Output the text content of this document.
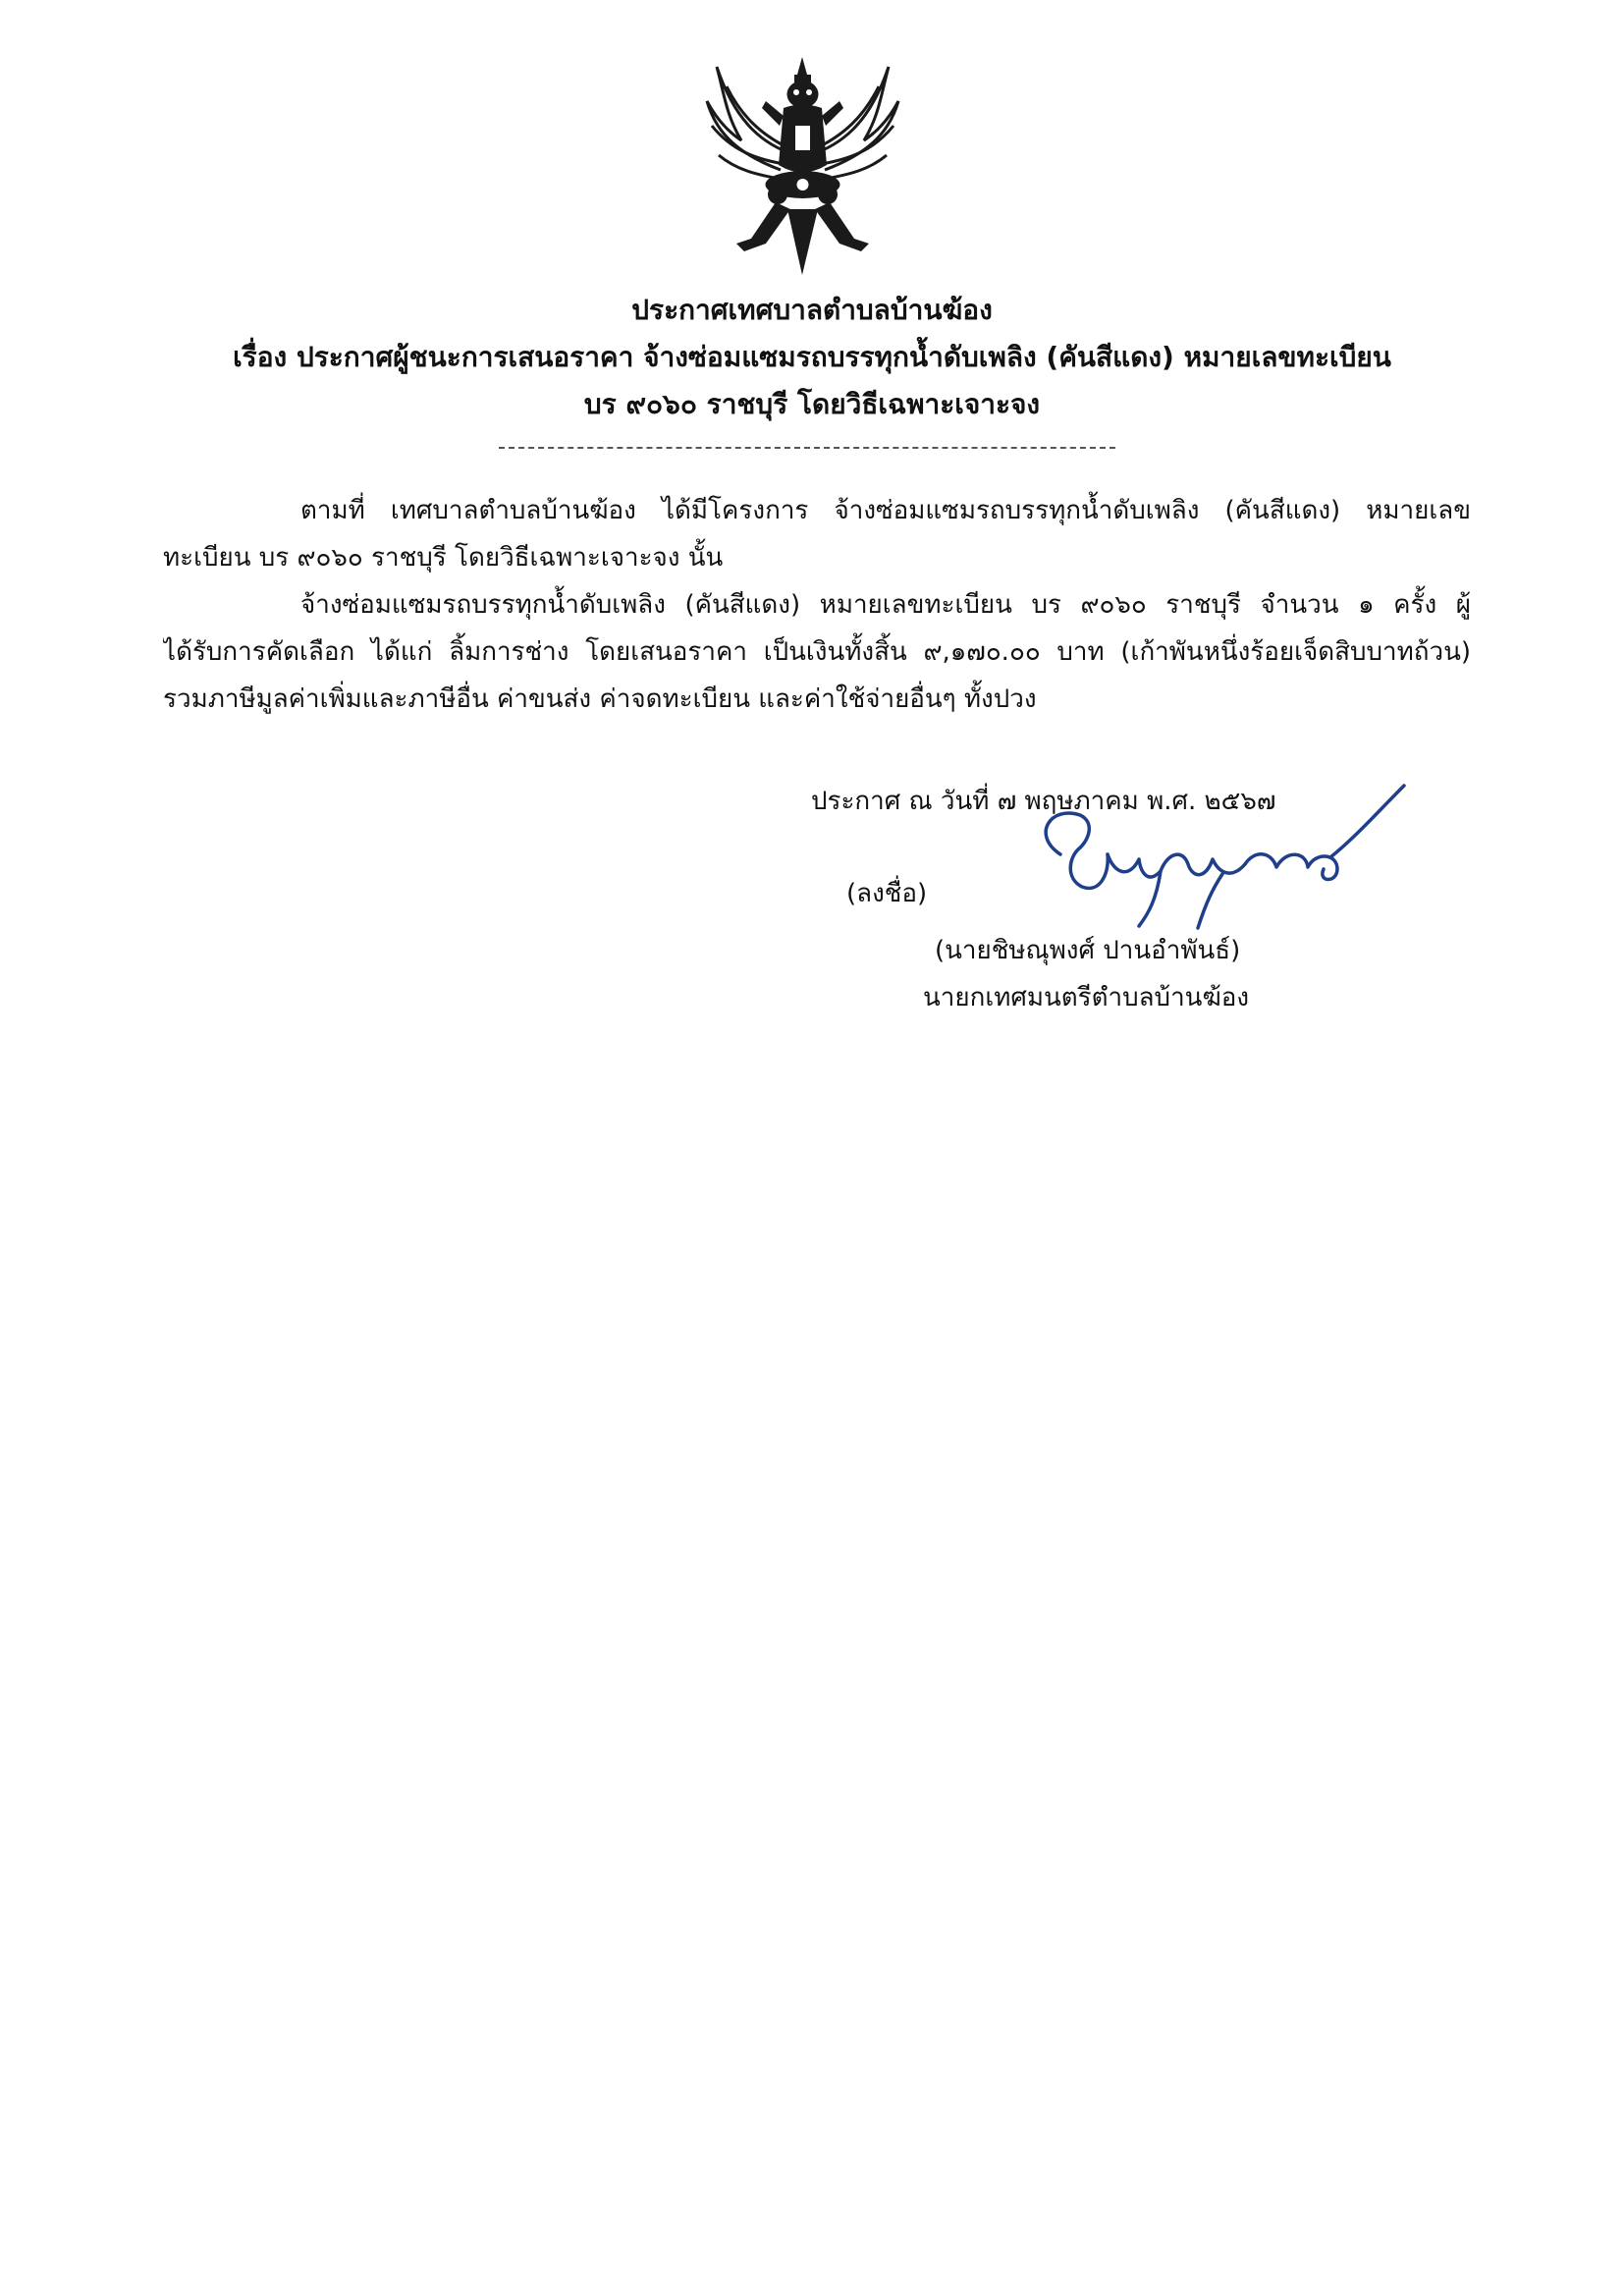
ประกาศเทศบาลตำบลบ้านฆ้อง
เรื่อง ประกาศผู้ชนะการเสนอราคา จ้างซ่อมแซมรถบรรทุกน้ำดับเพลิง (คันสีแดง) หมายเลขทะเบียน
บร ๙๐๖๐ ราชบุรี โดยวิธีเฉพาะเจาะจง
ตามที่ เทศบาลตำบลบ้านฆ้อง ได้มีโครงการ จ้างซ่อมแซมรถบรรทุกน้ำดับเพลิง (คันสีแดง) หมายเลข
ทะเบียน บร ๙๐๖๐ ราชบุรี โดยวิธีเฉพาะเจาะจง นั้น
จ้างซ่อมแซมรถบรรทุกน้ำดับเพลิง (คันสีแดง) หมายเลขทะเบียน บร ๙๐๖๐ ราชบุรี จำนวน ๑ ครั้ง ผู้
ได้รับการคัดเลือก ได้แก่ ลิ้มการช่าง โดยเสนอราคา เป็นเงินทั้งสิ้น ๙,๑๗๐.๐๐ บาท (เก้าพันหนึ่งร้อยเจ็ดสิบบาทถ้วน)
รวมภาษีมูลค่าเพิ่มและภาษีอื่น ค่าขนส่ง ค่าจดทะเบียน และค่าใช้จ่ายอื่นๆ ทั้งปวง
ประกาศ ณ วันที่ ๗ พฤษภาคม พ.ศ. ๒๕๖๗
(ลงชื่อ)
(นายชิษณุพงศ์ ปานอำพันธ์)
นายกเทศมนตรีตำบลบ้านฆ้อง
